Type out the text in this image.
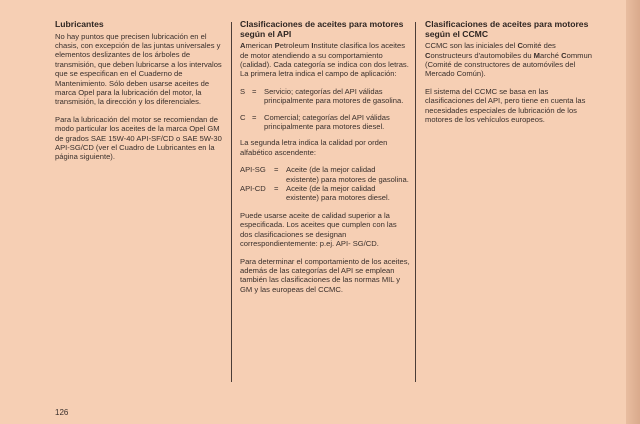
Lubricantes

No hay puntos que precisen lubricación en el chasis, con excepción de las juntas universales y elementos deslizantes de los árboles de transmisión, que deben lubricarse a los intervalos que se especifican en el Cuaderno de Mantenimiento. Sólo deben usarse aceites de marca Opel para la lubricación del motor, la transmisión, la dirección y los diferenciales.

Para la lubricación del motor se recomiendan de modo particular los aceites de la marca Opel GM de grados SAE 15W-40 API-SF/CD o SAE 5W-30 API-SG/CD (ver el Cuadro de Lubricantes en la página siguiente).

Clasificaciones de aceites para motores según el API

American Petroleum Institute clasifica los aceites de motor atendiendo a su comportamiento (calidad). Cada categoría se indica con dos letras. La primera letra indica el campo de aplicación:

S = Servicio; categorías del API válidas principalmente para motores de gasolina.
C = Comercial; categorías del API válidas principalmente para motores diesel.

La segunda letra indica la calidad por orden alfabético ascendente:

API-SG	= Aceite (de la mejor calidad existente) para motores de gasolina.
API-CD	= Aceite (de la mejor calidad existente) para motores diesel.

Puede usarse aceite de calidad superior a la especificada. Los aceites que cumplen con las dos clasificaciones se designan correspondientemente: p.ej. API- SG/CD.

Para determinar el comportamiento de los aceites, además de las categorías del API se emplean también las clasificaciones de las normas MIL y GM y las europeas del CCMC.

Clasificaciones de aceites para motores según el CCMC

CCMC son las iniciales del Comité des Constructeurs d'automobiles du Marché Commun (Comité de constructores de automóviles del Mercado Común).

El sistema del CCMC se basa en las clasificaciones del API, pero tiene en cuenta las necesidades especiales de lubricación de los motores de los vehículos europeos.

126
